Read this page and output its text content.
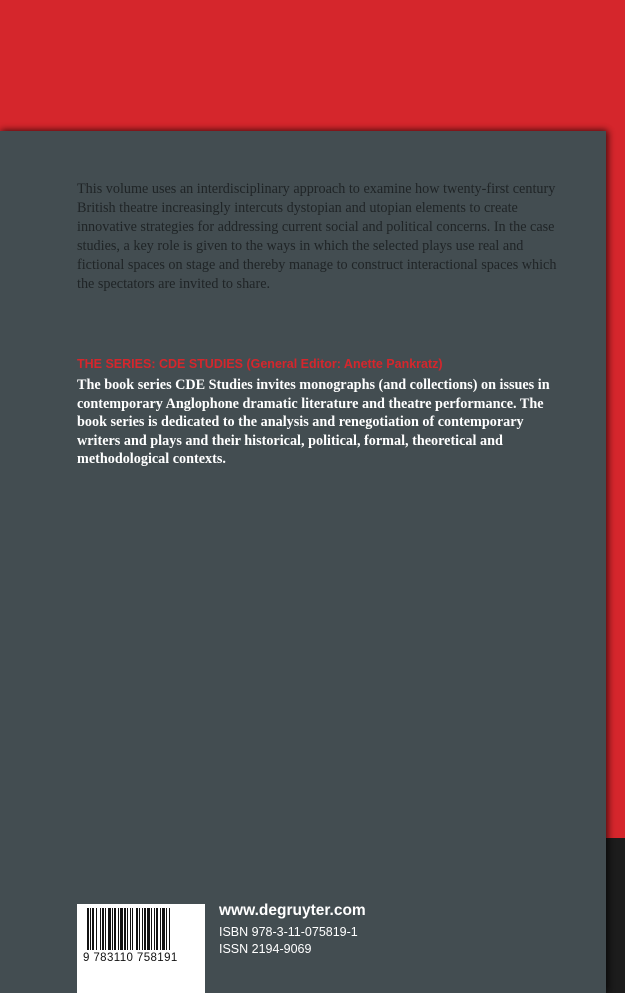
This volume uses an interdisciplinary approach to examine how twenty-first century British theatre increasingly intercuts dystopian and utopian elements to create innovative strategies for addressing current social and political concerns. In the case studies, a key role is given to the ways in which the selected plays use real and fictional spaces on stage and thereby manage to construct interactional spaces which the spectators are invited to share.

THE SERIES: CDE STUDIES (General Editor: Anette Pankratz)

The book series CDE Studies invites monographs (and collections) on issues in contemporary Anglophone dramatic literature and theatre performance. The book series is dedicated to the analysis and renegotiation of contemporary writers and plays and their historical, political, formal, theoretical and methodological contexts.

9 783110 758191

www.degruyter.com

ISBN 978-3-11-075819-1

ISSN 2194-9069
